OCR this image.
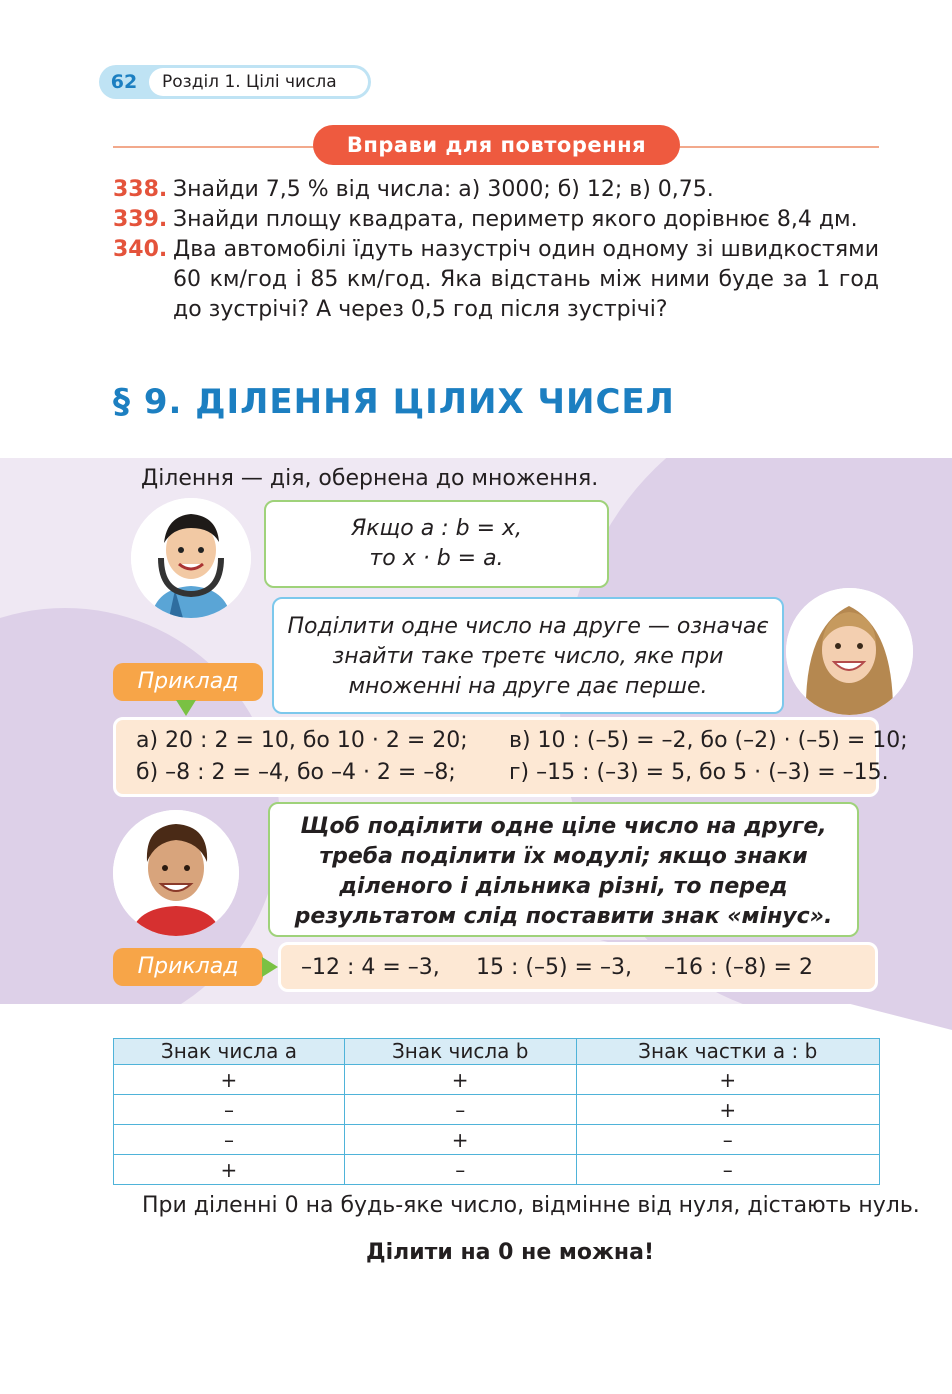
62	Розділ 1. Цілі числа
Вправи для повторення
338. Знайди 7,5 % від числа: а) 3000; б) 12; в) 0,75.
339. Знайди площу квадрата, периметр якого дорівнює 8,4 дм.
340. Два автомобілі їдуть назустріч один одному зі швидкостями 60 км/год і 85 км/год. Яка відстань між ними буде за 1 год до зустрічі? А через 0,5 год після зустрічі?
§ 9. ДІЛЕННЯ ЦІЛИХ ЧИСЕЛ
Ділення — дія, обернена до множення.
Якщо a : b = x,
то x · b = a.
Поділити одне число на друге — означає
знайти таке третє число, яке при
множенні на друге дає перше.
Приклад
а) 20 : 2 = 10, бо 10 · 2 = 20;
б) –8 : 2 = –4, бо –4 · 2 = –8;
в) 10 : (–5) = –2, бо (–2) · (–5) = 10;
г) –15 : (–3) = 5, бо 5 · (–3) = –15.
Щоб поділити одне ціле число на друге,
треба поділити їх модулі; якщо знаки
діленого і дільника різні, то перед
результатом слід поставити знак «мінус».
Приклад	–12 : 4 = –3, 15 : (–5) = –3, –16 : (–8) = 2
Знак числа a	Знак числа b	Знак частки a : b
+	+	+
–	–	+
–	+	–
+	–	–
При діленні 0 на будь-яке число, відмінне від нуля, дістають нуль.
Ділити на 0 не можна!
